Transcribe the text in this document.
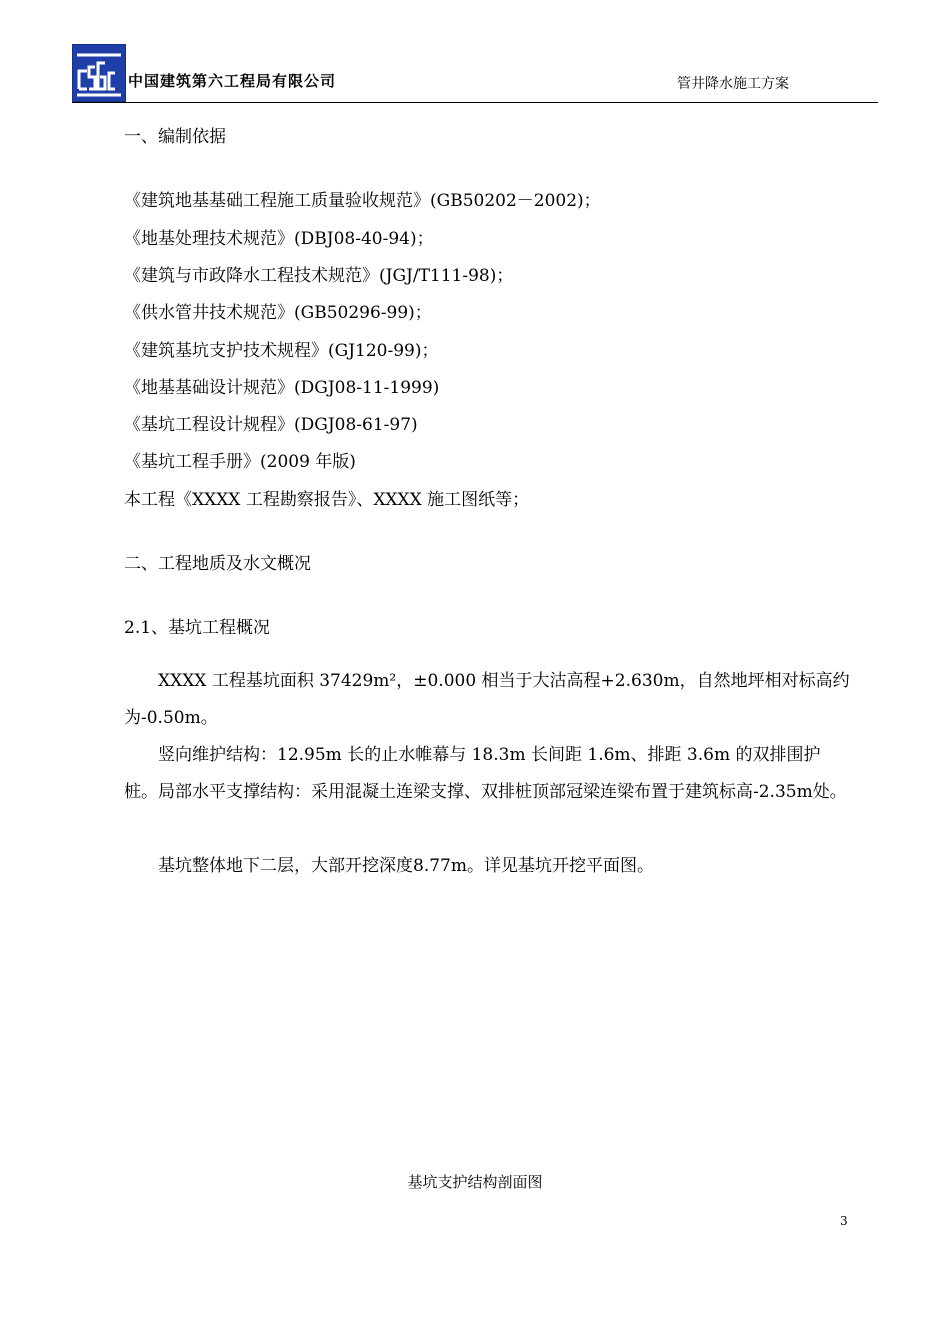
中国建筑第六工程局有限公司	管井降水施工方案
一、编制依据
《建筑地基基础工程施工质量验收规范》(GB50202－2002)；
《地基处理技术规范》(DBJ08-40-94)；
《建筑与市政降水工程技术规范》(JGJ/T111-98)；
《供水管井技术规范》(GB50296-99)；
《建筑基坑支护技术规程》(GJ120-99)；
《地基基础设计规范》(DGJ08-11-1999)
《基坑工程设计规程》(DGJ08-61-97)
《基坑工程手册》(2009 年版)
本工程《XXXX 工程勘察报告》、XXXX 施工图纸等；
二、工程地质及水文概况
2.1、基坑工程概况
XXXX 工程基坑面积 37429m²，±0.000 相当于大沽高程+2.630m，自然地坪相对标高约为-0.50m。
竖向维护结构：12.95m 长的止水帷幕与 18.3m 长间距 1.6m、排距 3.6m 的双排围护桩。局部水平支撑结构：采用混凝土连梁支撑、双排桩顶部冠梁连梁布置于建筑标高-2.35m处。
基坑整体地下二层，大部开挖深度8.77m。详见基坑开挖平面图。
基坑支护结构剖面图
3
